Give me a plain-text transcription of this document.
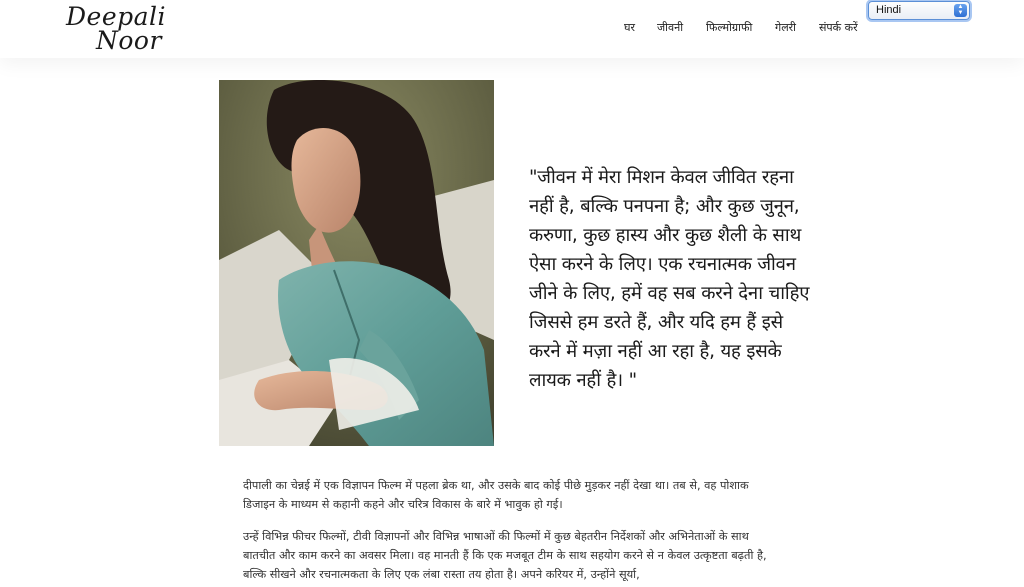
Deepali
Noor	घर जीवनी फिल्मोग्राफी गेलरी संपर्क करें
Hindi	▲
▼
"जीवन में मेरा मिशन केवल जीवित रहना नहीं है, बल्कि पनपना है; और कुछ जुनून, करुणा, कुछ हास्य और कुछ शैली के साथ ऐसा करने के लिए। एक रचनात्मक जीवन जीने के लिए, हमें वह सब करने देना चाहिए जिससे हम डरते हैं, और यदि हम हैं इसे करने में मज़ा नहीं आ रहा है, यह इसके लायक नहीं है। "

दीपाली का चेन्नई में एक विज्ञापन फिल्म में पहला ब्रेक था, और उसके बाद कोई पीछे मुड़कर नहीं देखा था। तब से, वह पोशाक डिजाइन के माध्यम से कहानी कहने और चरित्र विकास के बारे में भावुक हो गई।

उन्हें विभिन्न फीचर फिल्मों, टीवी विज्ञापनों और विभिन्न भाषाओं की फिल्मों में कुछ बेहतरीन निर्देशकों और अभिनेताओं के साथ बातचीत और काम करने का अवसर मिला। वह मानती हैं कि एक मजबूत टीम के साथ सहयोग करने से न केवल उत्कृष्टता बढ़ती है, बल्कि सीखने और रचनात्मकता के लिए एक लंबा रास्ता तय होता है। अपने करियर में, उन्होंने सूर्या,
